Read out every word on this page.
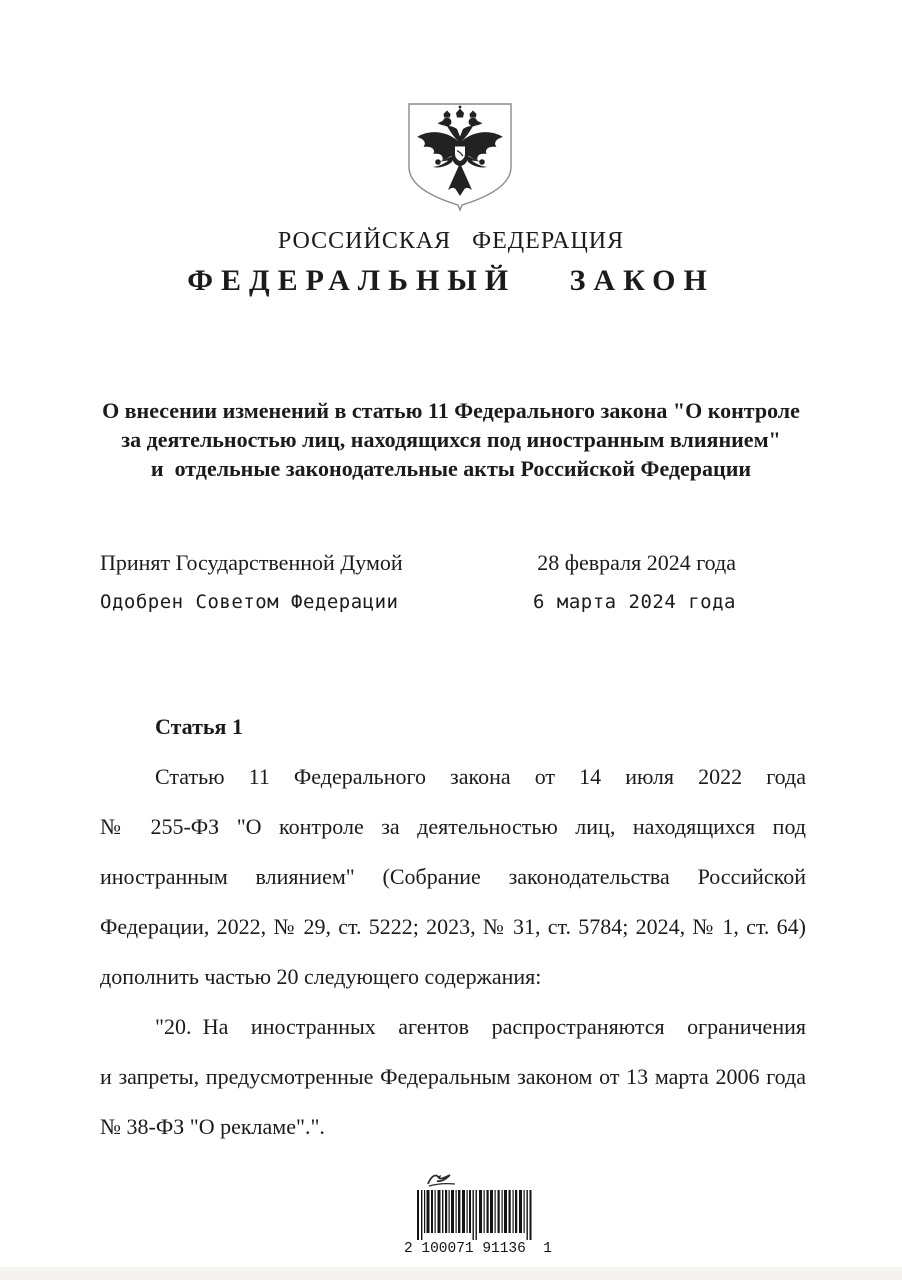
РОССИЙСКАЯ ФЕДЕРАЦИЯ
ФЕДЕРАЛЬНЫЙ ЗАКОН
О внесении изменений в статью 11 Федерального закона "О контроле
за деятельностью лиц, находящихся под иностранным влиянием"
и  отдельные законодательные акты Российской Федерации
Принят Государственной Думой	28 февраля 2024 года
Одобрен Советом Федерации	6 марта 2024 года
Статья 1
Статью 11 Федерального закона от 14 июля 2022 года
№ 255-ФЗ "О контроле за деятельностью лиц, находящихся под
иностранным влиянием" (Собрание законодательства Российской
Федерации, 2022, № 29, ст. 5222; 2023, № 31, ст. 5784; 2024, № 1, ст. 64)
дополнить частью 20 следующего содержания:
"20. На  иностранных  агентов  распространяются  ограничения
и запреты, предусмотренные Федеральным законом от 13 марта 2006 года
№ 38-ФЗ "О рекламе".".
2 100071 91136  1
